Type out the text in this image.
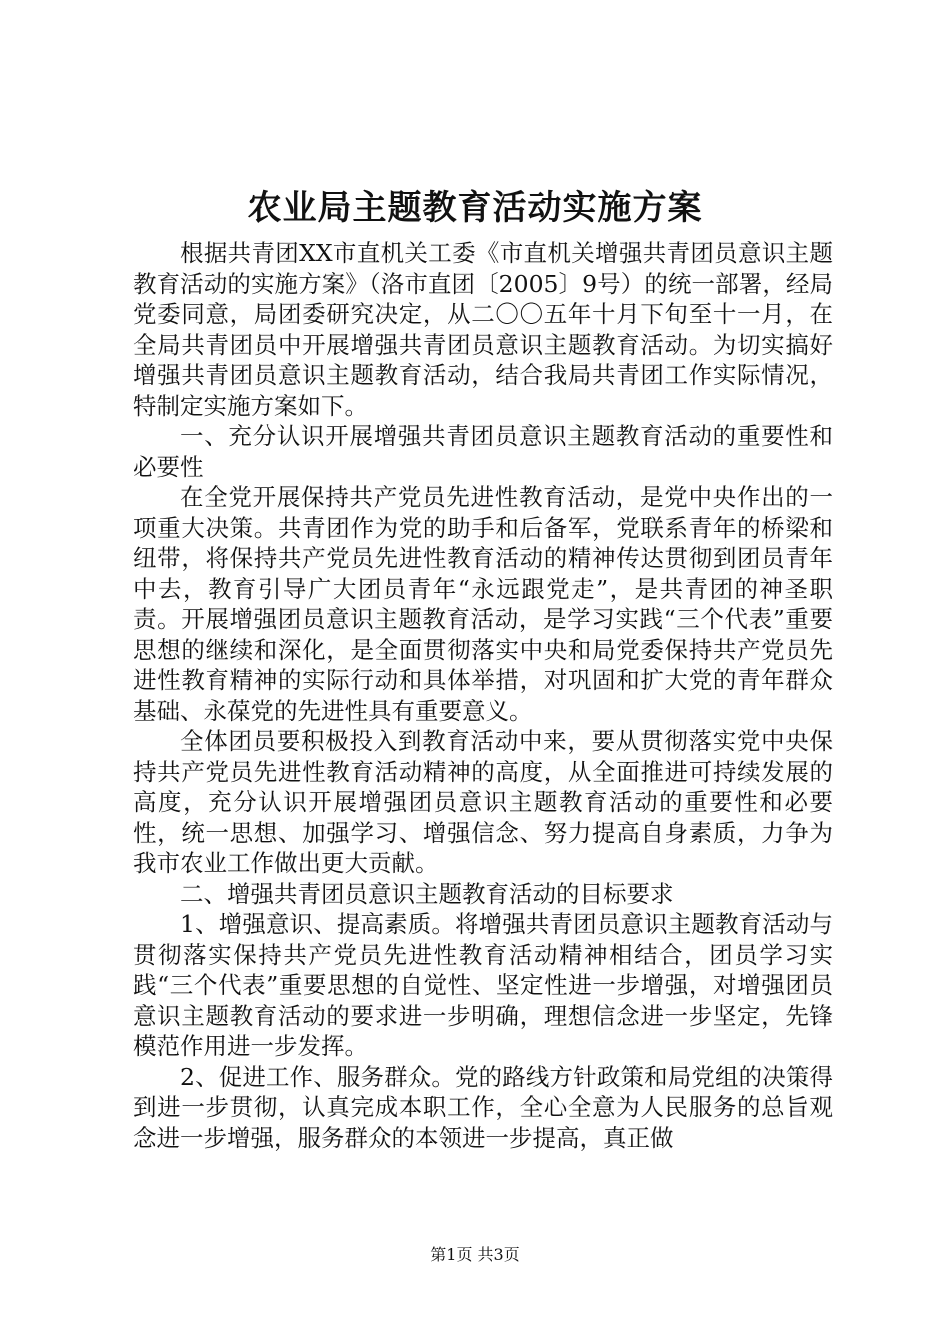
农业局主题教育活动实施方案

根据共青团XX市直机关工委《市直机关增强共青团员意识主题教育活动的实施方案》（洛市直团〔2005〕9号）的统一部署，经局党委同意，局团委研究决定，从二〇〇五年十月下旬至十一月，在全局共青团员中开展增强共青团员意识主题教育活动。为切实搞好增强共青团员意识主题教育活动，结合我局共青团工作实际情况，特制定实施方案如下。

一、充分认识开展增强共青团员意识主题教育活动的重要性和必要性

在全党开展保持共产党员先进性教育活动，是党中央作出的一项重大决策。共青团作为党的助手和后备军，党联系青年的桥梁和纽带，将保持共产党员先进性教育活动的精神传达贯彻到团员青年中去，教育引导广大团员青年“永远跟党走”，是共青团的神圣职责。开展增强团员意识主题教育活动，是学习实践“三个代表”重要思想的继续和深化，是全面贯彻落实中央和局党委保持共产党员先进性教育精神的实际行动和具体举措，对巩固和扩大党的青年群众基础、永葆党的先进性具有重要意义。

全体团员要积极投入到教育活动中来，要从贯彻落实党中央保持共产党员先进性教育活动精神的高度，从全面推进可持续发展的高度，充分认识开展增强团员意识主题教育活动的重要性和必要性，统一思想、加强学习、增强信念、努力提高自身素质，力争为我市农业工作做出更大贡献。

二、增强共青团员意识主题教育活动的目标要求

1、增强意识、提高素质。将增强共青团员意识主题教育活动与贯彻落实保持共产党员先进性教育活动精神相结合，团员学习实践“三个代表”重要思想的自觉性、坚定性进一步增强，对增强团员意识主题教育活动的要求进一步明确，理想信念进一步坚定，先锋模范作用进一步发挥。

2、促进工作、服务群众。党的路线方针政策和局党组的决策得到进一步贯彻，认真完成本职工作，全心全意为人民服务的总旨观念进一步增强，服务群众的本领进一步提高，真正做

第1页 共3页
